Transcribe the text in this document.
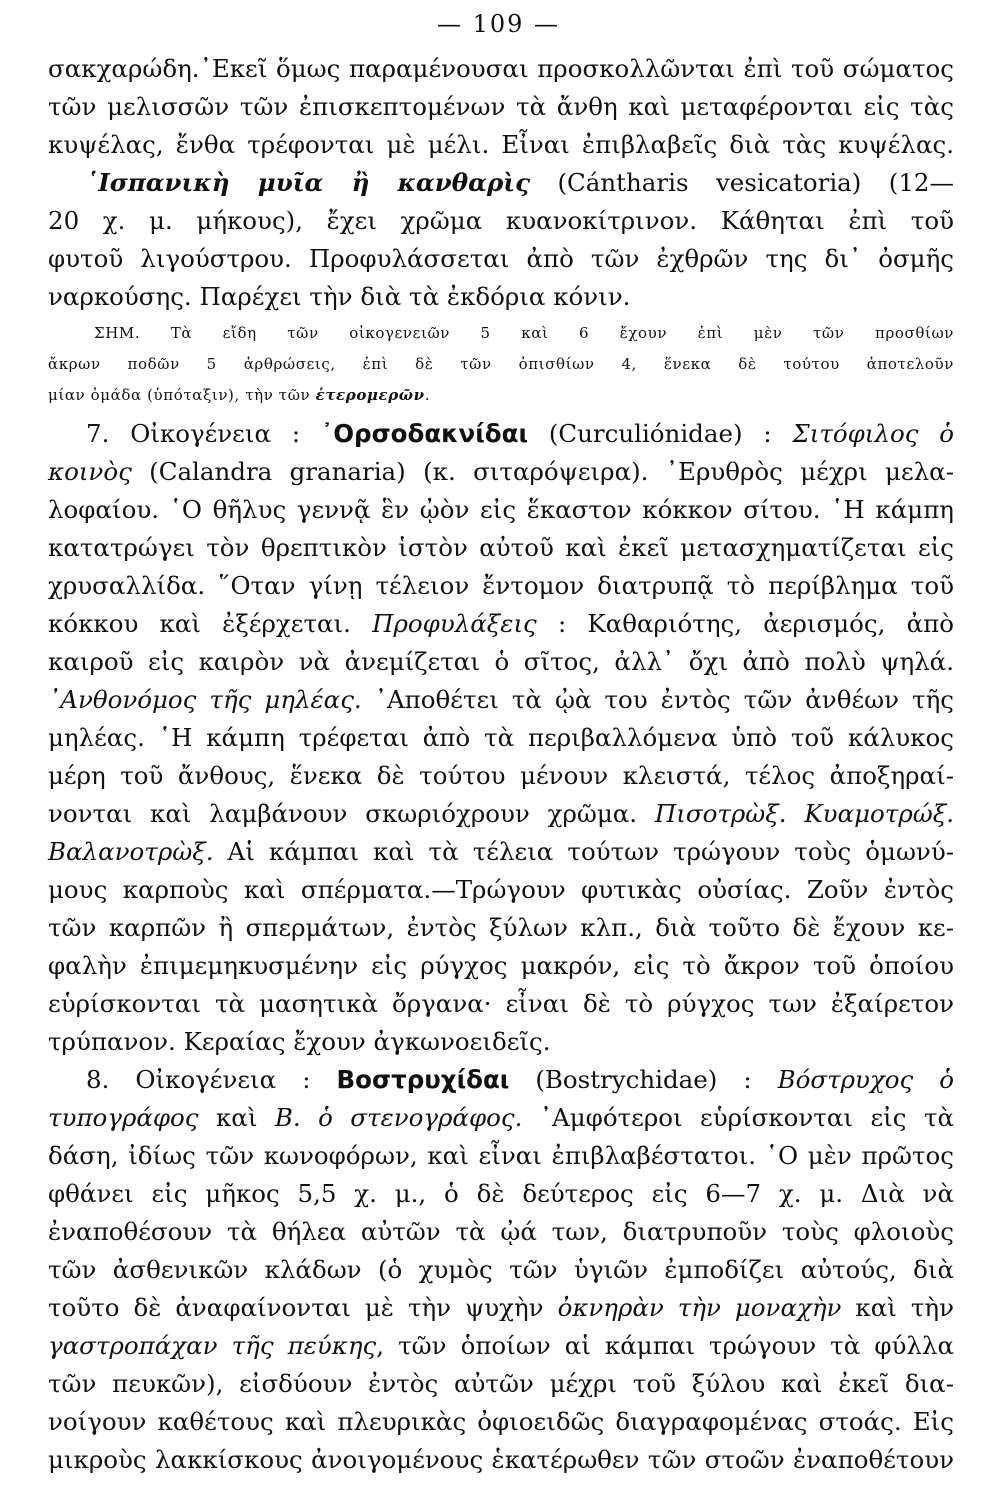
— 109 —
σακχαρώδη.᾿Εκεῖ ὅμως παραμένουσαι προσκολλῶνται ἐπὶ τοῦ σώματος
τῶν μελισσῶν τῶν ἐπισκεπτομένων τὰ ἄνθη καὶ μεταφέρονται εἰς τὰς
κυψέλας, ἔνθα τρέφονται μὲ μέλι. Εἶναι ἐπιβλαβεῖς διὰ τὰς κυψέλας.
῾Ισπανικὴ μυῖα ἢ κανθαρὶς (Cántharis vesicatoria) (12—
20 χ. μ. μήκους), ἔχει χρῶμα κυανοκίτρινον. Κάθηται ἐπὶ τοῦ
φυτοῦ λιγούστρου. Προφυλάσσεται ἀπὸ τῶν ἐχθρῶν της δι᾿ ὀσμῆς
ναρκούσης. Παρέχει τὴν διὰ τὰ ἐκδόρια κόνιν.
ΣΗΜ. Τὰ εἴδη τῶν οἰκογενειῶν 5 καὶ 6 ἔχουν ἐπὶ μὲν τῶν προσθίων
ἄκρων ποδῶν 5 ἀρθρώσεις, ἐπὶ δὲ τῶν ὀπισθίων 4, ἕνεκα δὲ τούτου ἀποτελοῦν
μίαν ὁμάδα (ὑπόταξιν), τὴν τῶν ἑτερομερῶν.
7. Οἰκογένεια : ᾿Ορσοδακνίδαι (Curculiónidae) : Σιτόφιλος ὁ
κοινὸς (Calandra granaria) (κ. σιταρόψειρα). ᾿Ερυθρὸς μέχρι μελα-
λοφαίου. ῾Ο θῆλυς γεννᾷ ἓν ᾠὸν εἰς ἕκαστον κόκκον σίτου. ῾Η κάμπη
κατατρώγει τὸν θρεπτικὸν ἱστὸν αὐτοῦ καὶ ἐκεῖ μετασχηματίζεται εἰς
χρυσαλλίδα. ῞Οταν γίνῃ τέλειον ἔντομον διατρυπᾷ τὸ περίβλημα τοῦ
κόκκου καὶ ἐξέρχεται. Προφυλάξεις : Καθαριότης, ἀερισμός, ἀπὸ
καιροῦ εἰς καιρὸν νὰ ἀνεμίζεται ὁ σῖτος, ἀλλ᾿ ὄχι ἀπὸ πολὺ ψηλά.
᾿Ανθονόμος τῆς μηλέας. ᾿Αποθέτει τὰ ᾠὰ του ἐντὸς τῶν ἀνθέων τῆς
μηλέας. ῾Η κάμπη τρέφεται ἀπὸ τὰ περιβαλλόμενα ὑπὸ τοῦ κάλυκος
μέρη τοῦ ἄνθους, ἕνεκα δὲ τούτου μένουν κλειστά, τέλος ἀποξηραί-
νονται καὶ λαμβάνουν σκωριόχρουν χρῶμα. Πισοτρὼξ. Κυαμοτρώξ.
Βαλανοτρὼξ. Αἱ κάμπαι καὶ τὰ τέλεια τούτων τρώγουν τοὺς ὁμωνύ-
μους καρποὺς καὶ σπέρματα.—Τρώγουν φυτικὰς οὐσίας. Ζοῦν ἐντὸς
τῶν καρπῶν ἢ σπερμάτων, ἐντὸς ξύλων κλπ., διὰ τοῦτο δὲ ἔχουν κε-
φαλὴν ἐπιμεμηκυσμένην εἰς ρύγχος μακρόν, εἰς τὸ ἄκρον τοῦ ὁποίου
εὑρίσκονται τὰ μασητικὰ ὄργανα· εἶναι δὲ τὸ ρύγχος των ἐξαίρετον
τρύπανον. Κεραίας ἔχουν ἀγκωνοειδεῖς.
8. Οἰκογένεια : Βοστρυχίδαι (Bostrychidae) : Βόστρυχος ὁ
τυπογράφος καὶ Β. ὁ στενογράφος. ᾿Αμφότεροι εὑρίσκονται εἰς τὰ
δάση, ἰδίως τῶν κωνοφόρων, καὶ εἶναι ἐπιβλαβέστατοι. ῾Ο μὲν πρῶτος
φθάνει εἰς μῆκος 5,5 χ. μ., ὁ δὲ δεύτερος εἰς 6—7 χ. μ. Διὰ νὰ
ἐναποθέσουν τὰ θήλεα αὐτῶν τὰ ᾠά των, διατρυποῦν τοὺς φλοιοὺς
τῶν ἀσθενικῶν κλάδων (ὁ χυμὸς τῶν ὑγιῶν ἐμποδίζει αὐτούς, διὰ
τοῦτο δὲ ἀναφαίνονται μὲ τὴν ψυχὴν ὀκνηρὰν τὴν μοναχὴν καὶ τὴν
γαστροπάχαν τῆς πεύκης, τῶν ὁποίων αἱ κάμπαι τρώγουν τὰ φύλλα
τῶν πευκῶν), εἰσδύουν ἐντὸς αὐτῶν μέχρι τοῦ ξύλου καὶ ἐκεῖ δια-
νοίγουν καθέτους καὶ πλευρικὰς ὀφιοειδῶς διαγραφομένας στοάς. Εἰς
μικροὺς λακκίσκους ἀνοιγομένους ἑκατέρωθεν τῶν στοῶν ἐναποθέτουν
